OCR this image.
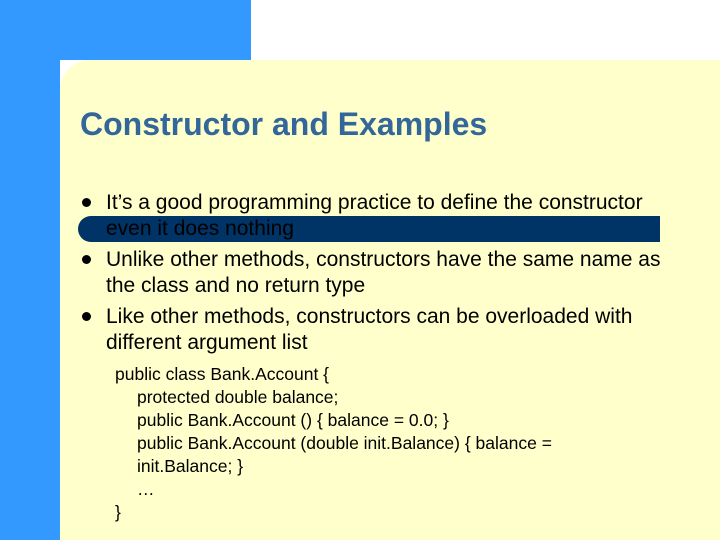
Constructor and Examples
It’s a good programming practice to define the constructor even it does nothing
Unlike other methods, constructors have the same name as the class and no return type
Like other methods, constructors can be overloaded with different argument list
public class Bank.Account {
protected double balance;
public Bank.Account () { balance = 0.0; }
public Bank.Account (double init.Balance) { balance = init.Balance; }
…
}
